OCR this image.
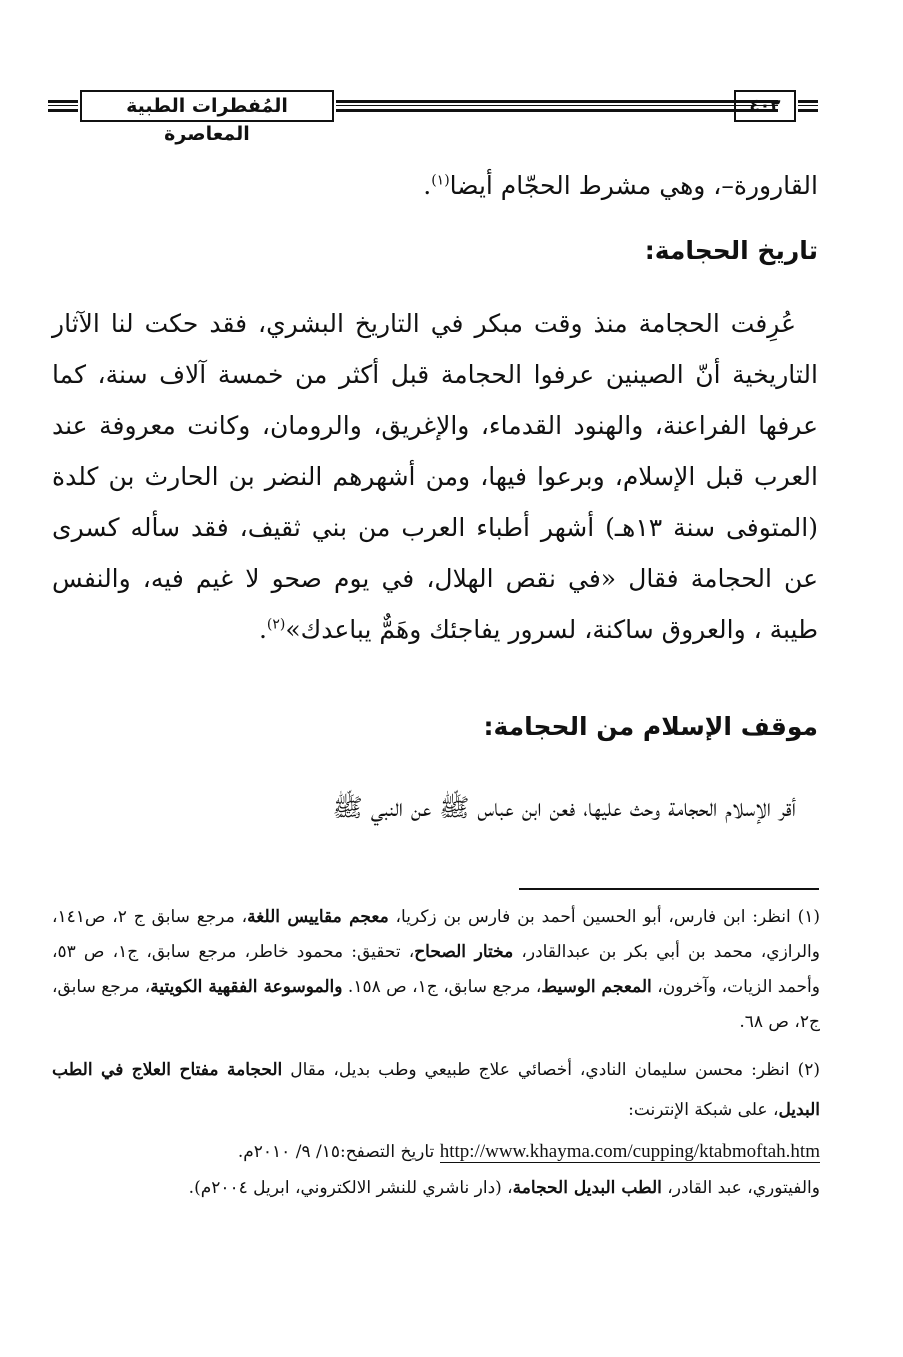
المُفطرات الطبية المعاصرة
٤٠٢

القارورة–، وهي مشرط الحجّام أيضا$^{(١)}$.

تاريخ الحجامة:

عُرِفت الحجامة منذ وقت مبكر في التاريخ البشري، فقد حكت لنا الآثار التاريخية أنّ الصينين عرفوا الحجامة قبل أكثر من خمسة آلاف سنة، كما عرفها الفراعنة، والهنود القدماء، والإغريق، والرومان، وكانت معروفة عند العرب قبل الإسلام، وبرعوا فيها، ومن أشهرهم النضر بن الحارث بن كلدة (المتوفى سنة ١٣هـ) أشهر أطباء العرب من بني ثقيف، فقد سأله كسرى عن الحجامة فقال «في نقص الهلال، في يوم صحو لا غيم فيه، والنفس طيبة ، والعروق ساكنة، لسرور يفاجئك وهَمٌّ يباعدك»$^{(٢)}$.

موقف الإسلام من الحجامة:

أقر الإسلام الحجامة وحث عليها، فعن ابن عباس ﷺ عن النبي ﷺ

(١) انظر: ابن فارس، أبو الحسين أحمد بن فارس بن زكريا، معجم مقاييس اللغة، مرجع سابق ج ٢، ص١٤١، والرازي، محمد بن أبي بكر بن عبدالقادر، مختار الصحاح، تحقيق: محمود خاطر، مرجع سابق، ج١، ص ٥٣، وأحمد الزيات، وآخرون، المعجم الوسيط، مرجع سابق، ج١، ص ١٥٨. والموسوعة الفقهية الكويتية، مرجع سابق، ج٢، ص ٦٨.

(٢) انظر: محسن سليمان النادي، أخصائي علاج طبيعي وطب بديل، مقال الحجامة مفتاح العلاج في الطب البديل، على شبكة الإنترنت:

http://www.khayma.com/cupping/ktabmoftah.htm تاريخ التصفح:١٥/ ٩/ ٢٠١٠م.

والفيتوري، عبد القادر، الطب البديل الحجامة، (دار ناشري للنشر الالكتروني، ابريل ٢٠٠٤م).
